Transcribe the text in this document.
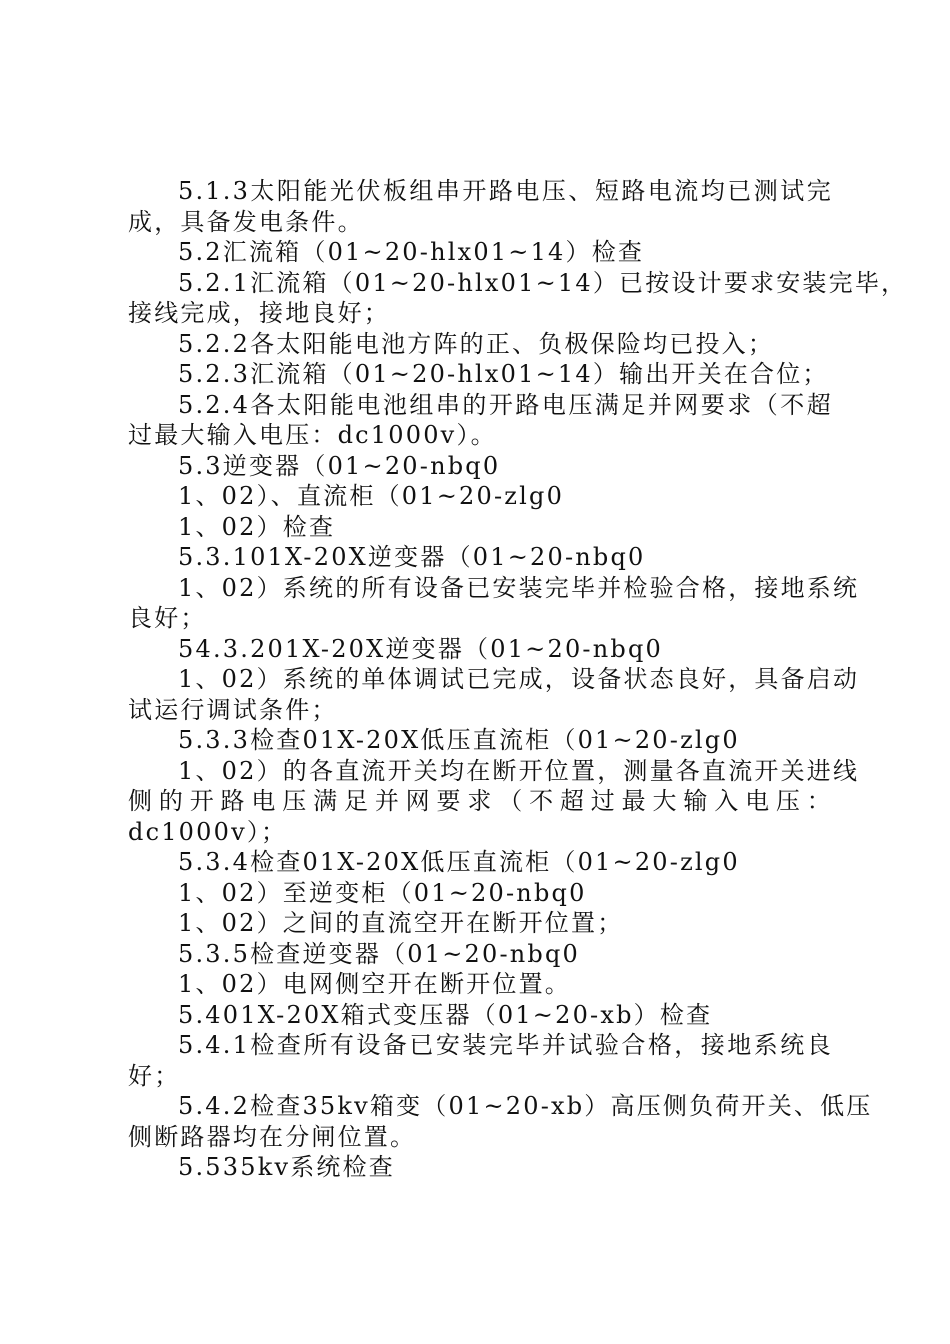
5.1.3太阳能光伏板组串开路电压、短路电流均已测试完
成，具备发电条件。
5.2汇流箱（01~20-hlx01~14）检查
5.2.1汇流箱（01~20-hlx01~14）已按设计要求安装完毕，
接线完成，接地良好；
5.2.2各太阳能电池方阵的正、负极保险均已投入；
5.2.3汇流箱（01~20-hlx01~14）输出开关在合位；
5.2.4各太阳能电池组串的开路电压满足并网要求（不超
过最大输入电压：dc1000v）。
5.3逆变器（01~20-nbq0
1、02）、直流柜（01~20-zlg0
1、02）检查
5.3.101X-20X逆变器（01~20-nbq0
1、02）系统的所有设备已安装完毕并检验合格，接地系统
良好；
54.3.201X-20X逆变器（01~20-nbq0
1、02）系统的单体调试已完成，设备状态良好，具备启动
试运行调试条件；
5.3.3检查01X-20X低压直流柜（01~20-zlg0
1、02）的各直流开关均在断开位置，测量各直流开关进线
侧的开路电压满足并网要求（不超过最大输入电压：
dc1000v）；
5.3.4检查01X-20X低压直流柜（01~20-zlg0
1、02）至逆变柜（01~20-nbq0
1、02）之间的直流空开在断开位置；
5.3.5检查逆变器（01~20-nbq0
1、02）电网侧空开在断开位置。
5.401X-20X箱式变压器（01~20-xb）检查
5.4.1检查所有设备已安装完毕并试验合格，接地系统良
好；
5.4.2检查35kv箱变（01~20-xb）高压侧负荷开关、低压
侧断路器均在分闸位置。
5.535kv系统检查
